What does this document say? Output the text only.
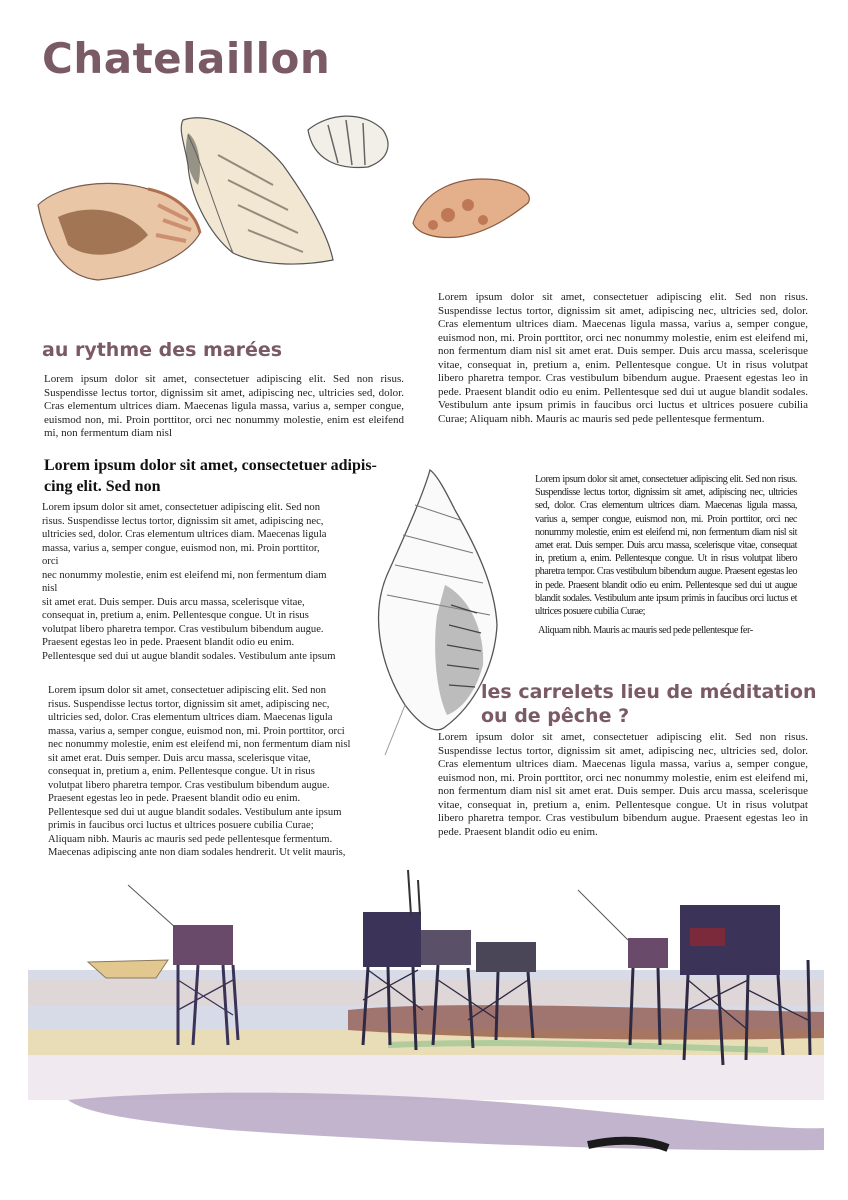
Chatelaillon

Lorem ipsum dolor sit amet, consectetuer adipiscing elit. Sed non risus. Suspendisse lectus tortor, dignissim sit amet, adipiscing nec, ultricies sed, dolor. Cras elementum ultrices diam. Maecenas ligula massa, varius a, semper congue, euismod non, mi. Proin porttitor, orci nec nonummy molestie, enim est eleifend mi, non fermentum diam nisl sit amet erat. Duis semper. Duis arcu massa, scelerisque vitae, consequat in, pretium a, enim. Pellentesque congue. Ut in risus volutpat libero pharetra tempor. Cras vestibulum bibendum augue. Praesent egestas leo in pede. Praesent blandit odio eu enim. Pellentesque sed dui ut augue blandit sodales. Vestibulum ante ipsum primis in faucibus orci luctus et ultrices posuere cubilia Curae; Aliquam nibh. Mauris ac mauris sed pede pellentesque fermentum.

au rythme des marées

Lorem ipsum dolor sit amet, consectetuer adipiscing elit. Sed non risus. Suspendisse lectus tortor, dignissim sit amet, adipiscing nec, ultricies sed, dolor. Cras elementum ultrices diam. Maecenas ligula massa, varius a, semper congue, euismod non, mi. Proin porttitor, orci nec nonummy molestie, enim est eleifend mi, non fermentum diam nisl

Lorem ipsum dolor sit amet, consectetuer adipis-cing elit. Sed non

Lorem ipsum dolor sit amet, consectetuer adipiscing elit. Sed non
risus. Suspendisse lectus tortor, dignissim sit amet, adipiscing nec,
ultricies sed, dolor. Cras elementum ultrices diam. Maecenas ligula
massa, varius a, semper congue, euismod non, mi. Proin porttitor,
orci
nec nonummy molestie, enim est eleifend mi, non fermentum diam
nisl
sit amet erat. Duis semper. Duis arcu massa, scelerisque vitae,
consequat in, pretium a, enim. Pellentesque congue. Ut in risus
volutpat libero pharetra tempor. Cras vestibulum bibendum augue.
Praesent egestas leo in pede. Praesent blandit odio eu enim.
Pellentesque sed dui ut augue blandit sodales. Vestibulum ante ipsum

Lorem ipsum dolor sit amet, consectetuer adipiscing elit. Sed non risus. Suspendisse lectus tortor, dignissim sit amet, adipiscing nec, ultricies sed, dolor. Cras elementum ultrices diam. Maecenas ligula massa, varius a, semper congue, euismod non, mi. Proin porttitor, orci nec nonummy molestie, enim est eleifend mi, non fermentum diam nisl sit amet erat. Duis semper. Duis arcu massa, scelerisque vitae, consequat in, pretium a, enim. Pellentesque congue. Ut in risus volutpat libero pharetra tempor. Cras vestibulum bibendum augue. Praesent egestas leo in pede. Praesent blandit odio eu enim. Pellentesque sed dui ut augue blandit sodales. Vestibulum ante ipsum primis in faucibus orci luctus et ultrices posuere cubilia Curae;

Aliquam nibh. Mauris ac mauris sed pede pellentesque fer-

Lorem ipsum dolor sit amet, consectetuer adipiscing elit. Sed non
risus. Suspendisse lectus tortor, dignissim sit amet, adipiscing nec,
ultricies sed, dolor. Cras elementum ultrices diam. Maecenas ligula
massa, varius a, semper congue, euismod non, mi. Proin porttitor, orci
nec nonummy molestie, enim est eleifend mi, non fermentum diam nisl
sit amet erat. Duis semper. Duis arcu massa, scelerisque vitae,
consequat in, pretium a, enim. Pellentesque congue. Ut in risus
volutpat libero pharetra tempor. Cras vestibulum bibendum augue.
Praesent egestas leo in pede. Praesent blandit odio eu enim.
Pellentesque sed dui ut augue blandit sodales. Vestibulum ante ipsum
primis in faucibus orci luctus et ultrices posuere cubilia Curae;
Aliquam nibh. Mauris ac mauris sed pede pellentesque fermentum.
Maecenas adipiscing ante non diam sodales hendrerit. Ut velit mauris,

les carrelets lieu de méditation
ou de pêche ?

Lorem ipsum dolor sit amet, consectetuer adipiscing elit. Sed non risus. Suspendisse lectus tortor, dignissim sit amet, adipiscing nec, ultricies sed, dolor. Cras elementum ultrices diam. Maecenas ligula massa, varius a, semper congue, euismod non, mi. Proin porttitor, orci nec nonummy molestie, enim est eleifend mi, non fermentum diam nisl sit amet erat. Duis semper. Duis arcu massa, scelerisque vitae, consequat in, pretium a, enim. Pellentesque congue. Ut in risus volutpat libero pharetra tempor. Cras vestibulum bibendum augue. Praesent egestas leo in pede. Praesent blandit odio eu enim.
